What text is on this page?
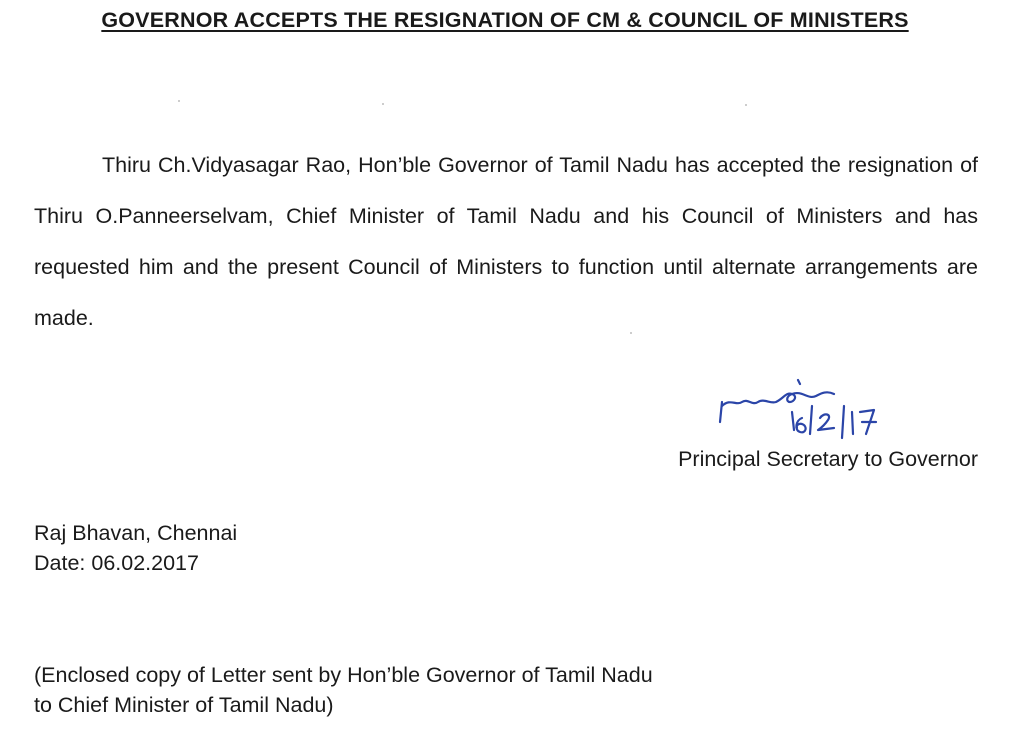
GOVERNOR ACCEPTS THE RESIGNATION OF CM & COUNCIL OF MINISTERS

Thiru Ch.Vidyasagar Rao, Hon’ble Governor of Tamil Nadu has accepted the resignation of Thiru O.Panneerselvam, Chief Minister of Tamil Nadu and his Council of Ministers and has requested him and the present Council of Ministers to function until alternate arrangements are made.

Principal Secretary to Governor

Raj Bhavan, Chennai
Date: 06.02.2017

(Enclosed copy of Letter sent by Hon’ble Governor of Tamil Nadu
to Chief Minister of Tamil Nadu)
